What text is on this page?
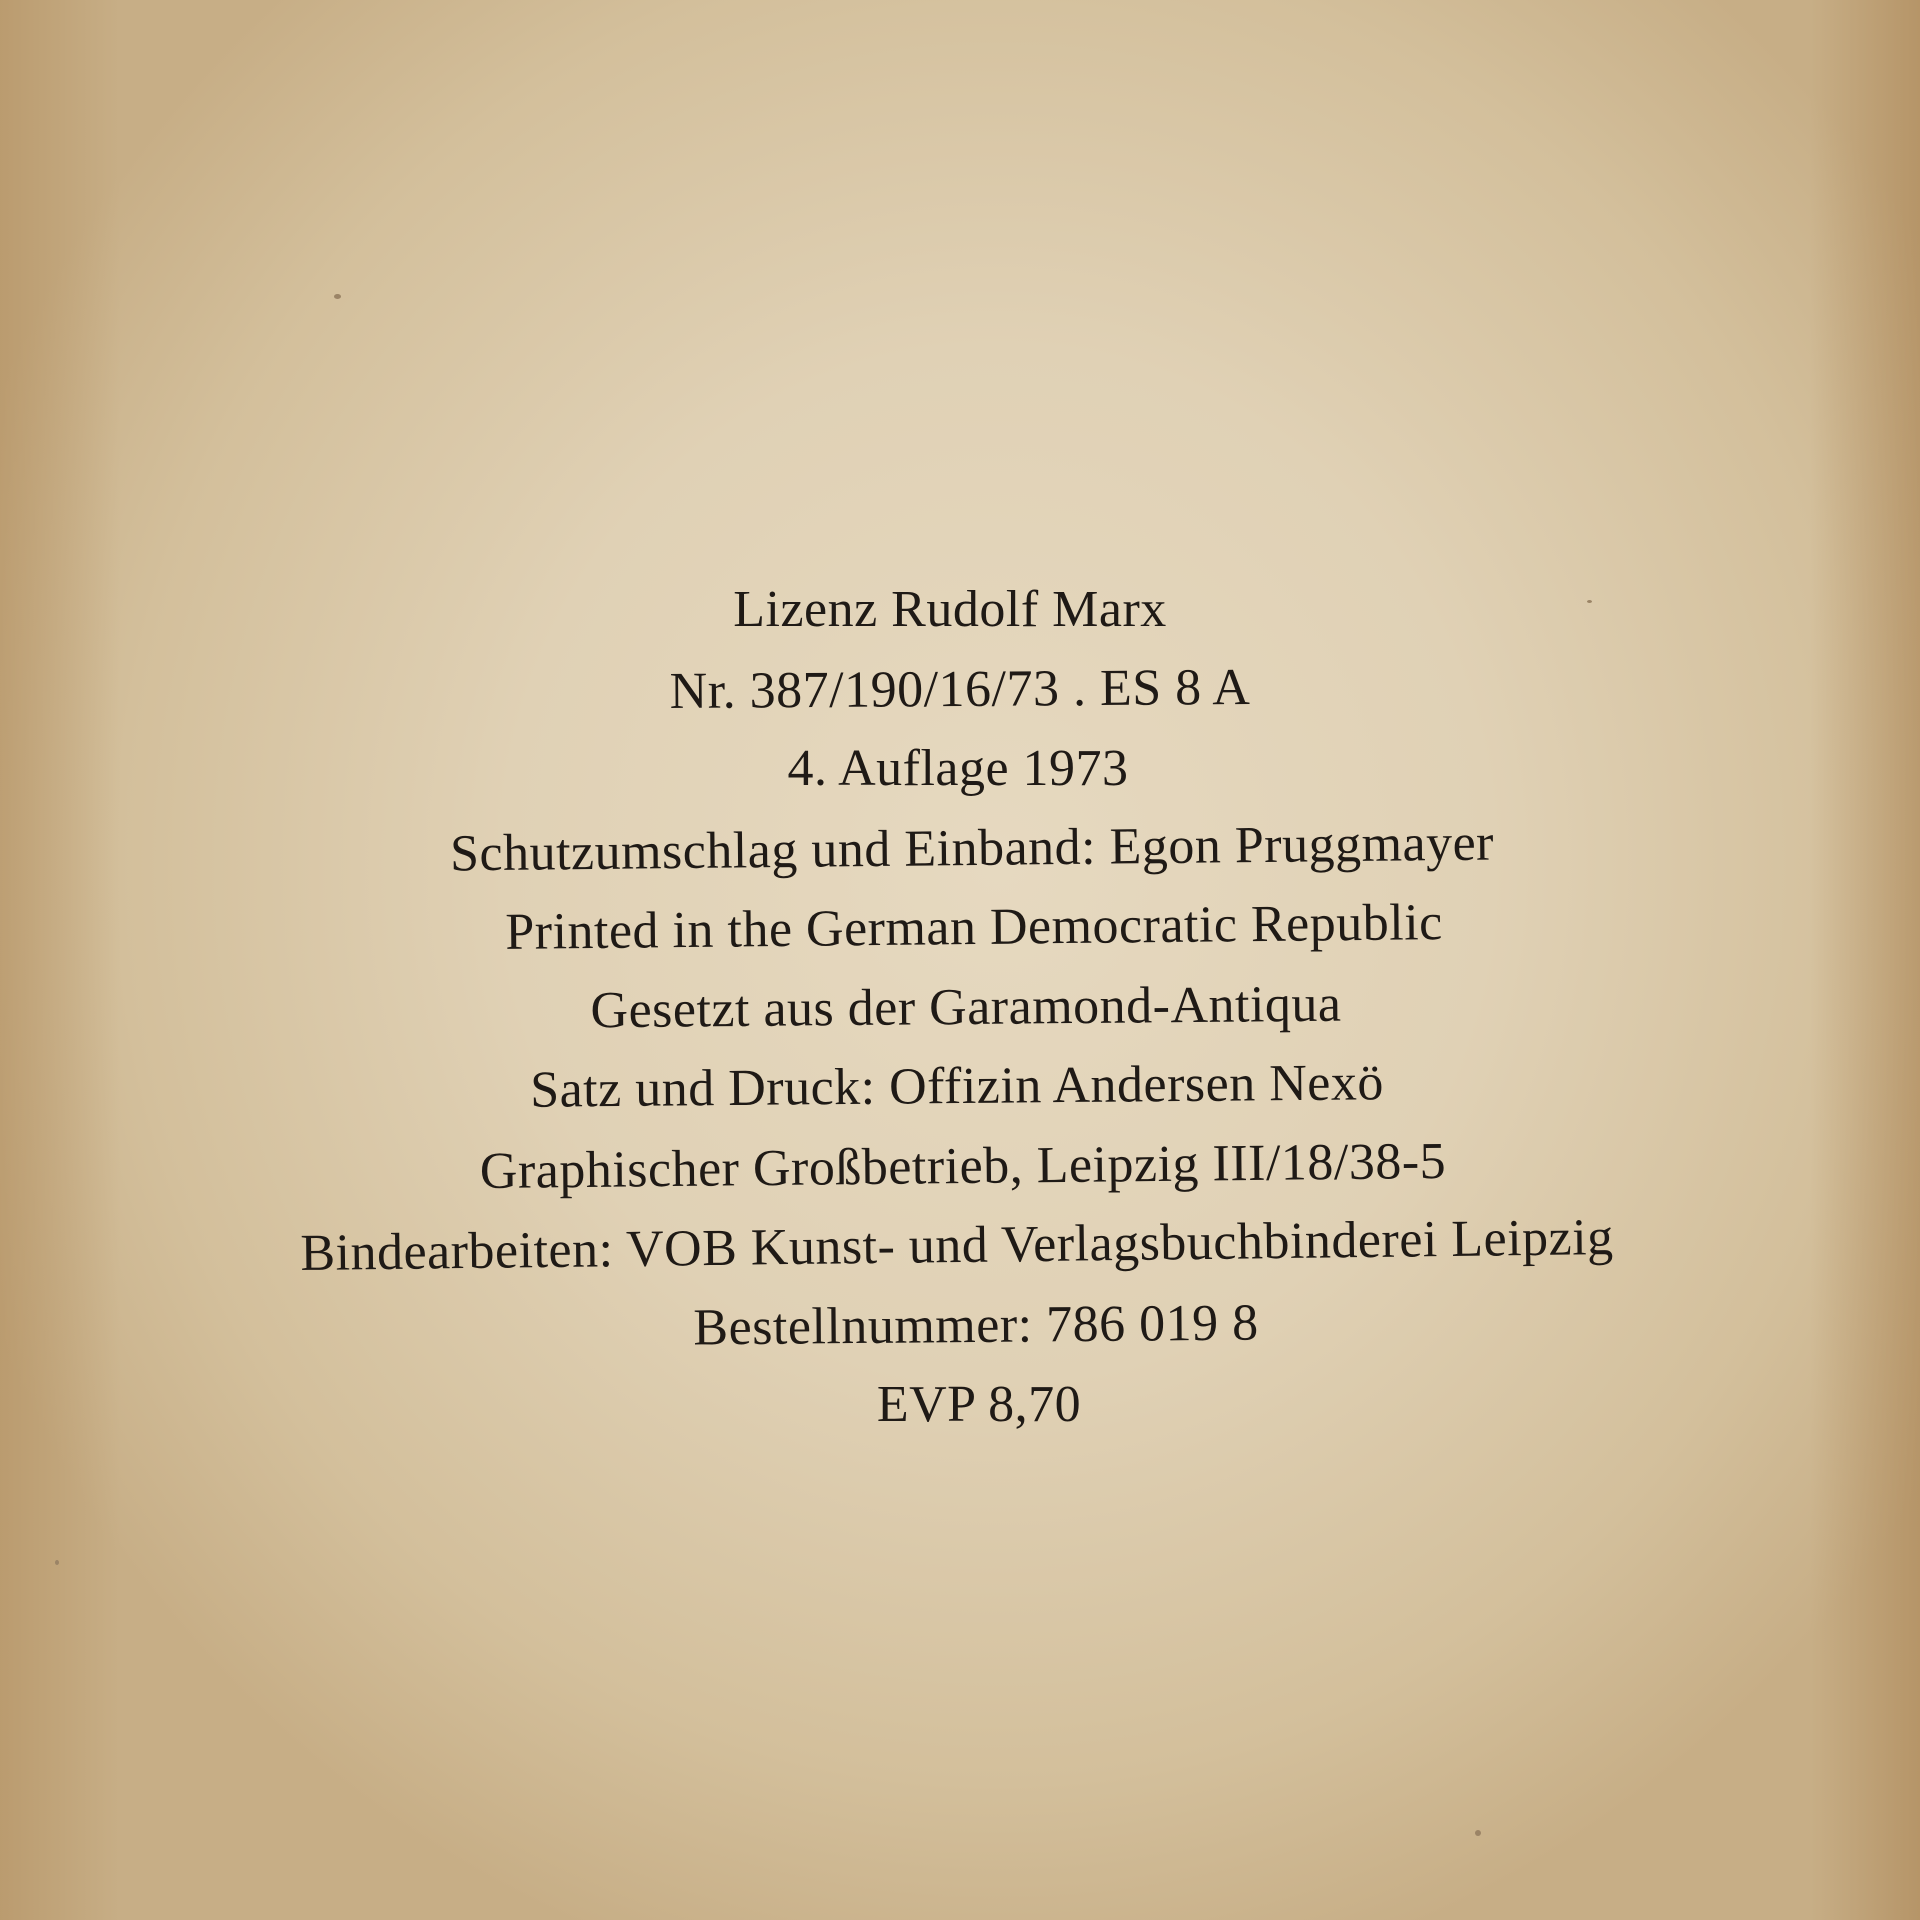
Lizenz Rudolf Marx
Nr. 387/190/16/73 . ES 8 A
4. Auflage 1973
Schutzumschlag und Einband: Egon Pruggmayer
Printed in the German Democratic Republic
Gesetzt aus der Garamond-Antiqua
Satz und Druck: Offizin Andersen Nexö
Graphischer Großbetrieb, Leipzig III/18/38-5
Bindearbeiten: VOB Kunst- und Verlagsbuchbinderei Leipzig
Bestellnummer: 786 019 8
EVP 8,70
